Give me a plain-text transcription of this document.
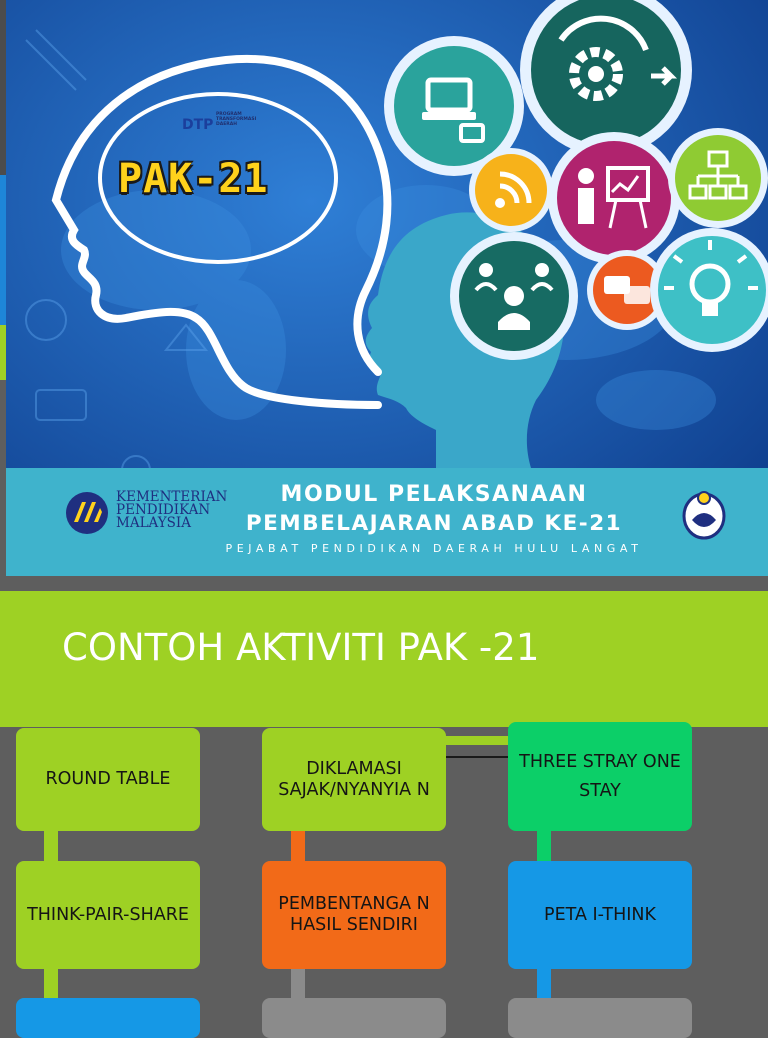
DTP
PROGRAM TRANSFORMASI DAERAH
PAK-21
KEMENTERIAN
PENDIDIKAN
MALAYSIA
MODUL PELAKSANAAN
PEMBELAJARAN ABAD KE-21
PEJABAT PENDIDIKAN DAERAH HULU LANGAT
CONTOH AKTIVITI PAK -21
ROUND TABLE
DIKLAMASI SAJAK/NYANYIA N
THREE STRAY ONE STAY
THINK-PAIR-SHARE
PEMBENTANGA N HASIL SENDIRI
PETA I-THINK
